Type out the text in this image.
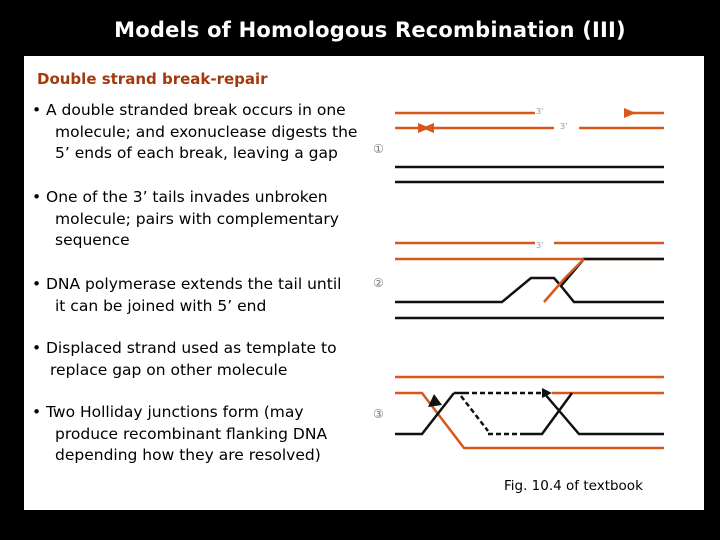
Models of Homologous Recombination (III)
Double strand break-repair
• A double stranded break occurs in one
molecule; and exonuclease digests the
5’ ends of each break, leaving a gap
• One of the 3’ tails invades unbroken
molecule; pairs with complementary
sequence
• DNA polymerase extends the tail until
it can be joined with 5’ end
• Displaced strand used as template to
replace gap on other molecule
• Two Holliday junctions form (may
produce recombinant flanking DNA
depending how they are resolved)
①
3’
3’
②
3’
③
Fig. 10.4 of textbook
